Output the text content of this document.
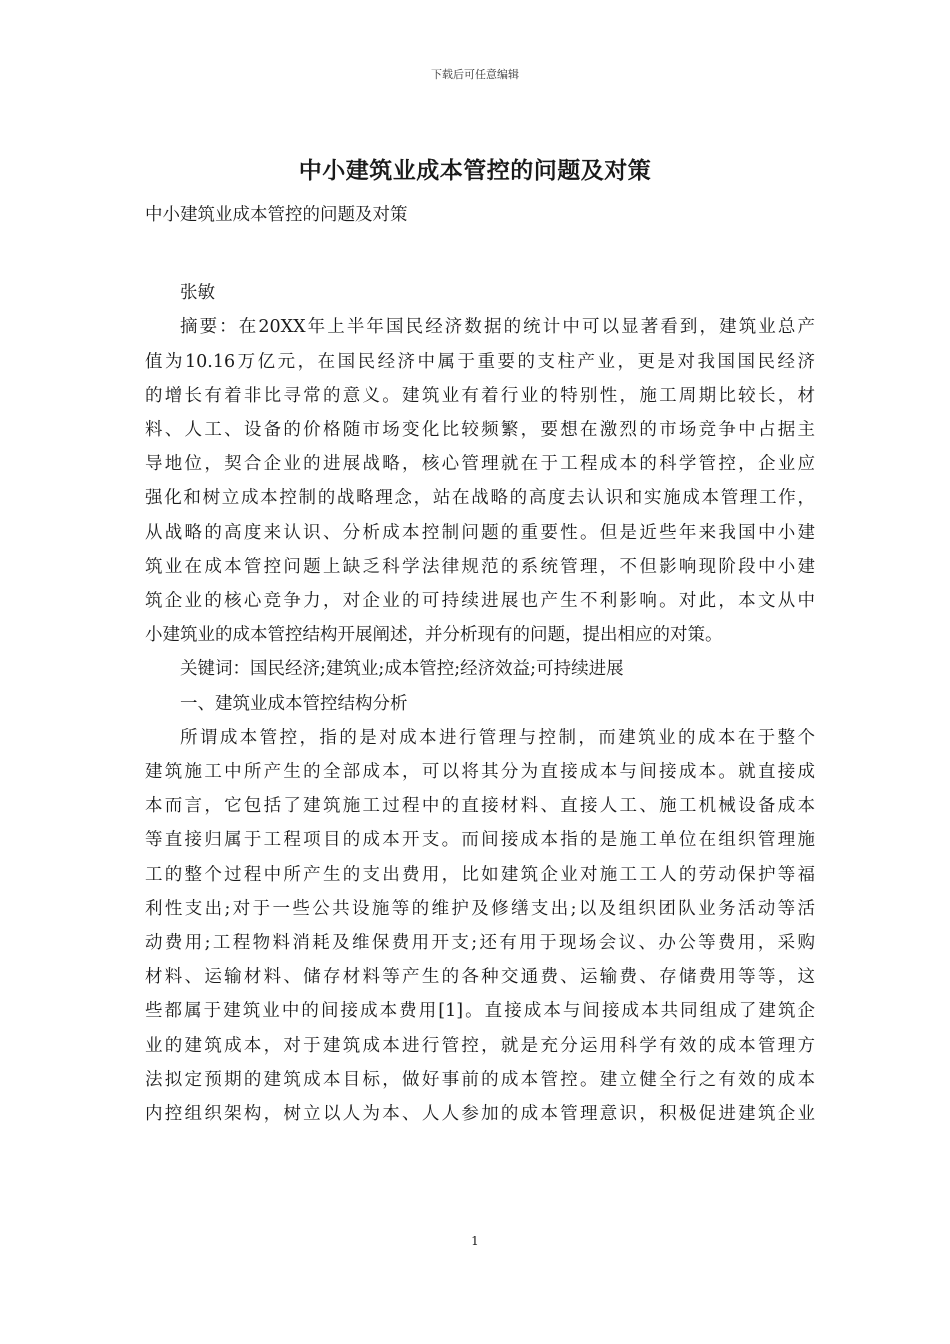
下载后可任意编辑
中小建筑业成本管控的问题及对策
中小建筑业成本管控的问题及对策
张敏
摘要：在20XX年上半年国民经济数据的统计中可以显著看到，建筑业总产
值为10.16万亿元，在国民经济中属于重要的支柱产业，更是对我国国民经济
的增长有着非比寻常的意义。建筑业有着行业的特别性，施工周期比较长，材
料、人工、设备的价格随市场变化比较频繁，要想在激烈的市场竞争中占据主
导地位，契合企业的进展战略，核心管理就在于工程成本的科学管控，企业应
强化和树立成本控制的战略理念，站在战略的高度去认识和实施成本管理工作，
从战略的高度来认识、分析成本控制问题的重要性。但是近些年来我国中小建
筑业在成本管控问题上缺乏科学法律规范的系统管理，不但影响现阶段中小建
筑企业的核心竞争力，对企业的可持续进展也产生不利影响。对此，本文从中
小建筑业的成本管控结构开展阐述，并分析现有的问题，提出相应的对策。
关键词：国民经济;建筑业;成本管控;经济效益;可持续进展
一、建筑业成本管控结构分析
所谓成本管控，指的是对成本进行管理与控制，而建筑业的成本在于整个
建筑施工中所产生的全部成本，可以将其分为直接成本与间接成本。就直接成
本而言，它包括了建筑施工过程中的直接材料、直接人工、施工机械设备成本
等直接归属于工程项目的成本开支。而间接成本指的是施工单位在组织管理施
工的整个过程中所产生的支出费用，比如建筑企业对施工工人的劳动保护等福
利性支出;对于一些公共设施等的维护及修缮支出;以及组织团队业务活动等活
动费用;工程物料消耗及维保费用开支;还有用于现场会议、办公等费用，采购
材料、运输材料、储存材料等产生的各种交通费、运输费、存储费用等等，这
些都属于建筑业中的间接成本费用[1]。直接成本与间接成本共同组成了建筑企
业的建筑成本，对于建筑成本进行管控，就是充分运用科学有效的成本管理方
法拟定预期的建筑成本目标，做好事前的成本管控。建立健全行之有效的成本
内控组织架构，树立以人为本、人人参加的成本管理意识，积极促进建筑企业
1
